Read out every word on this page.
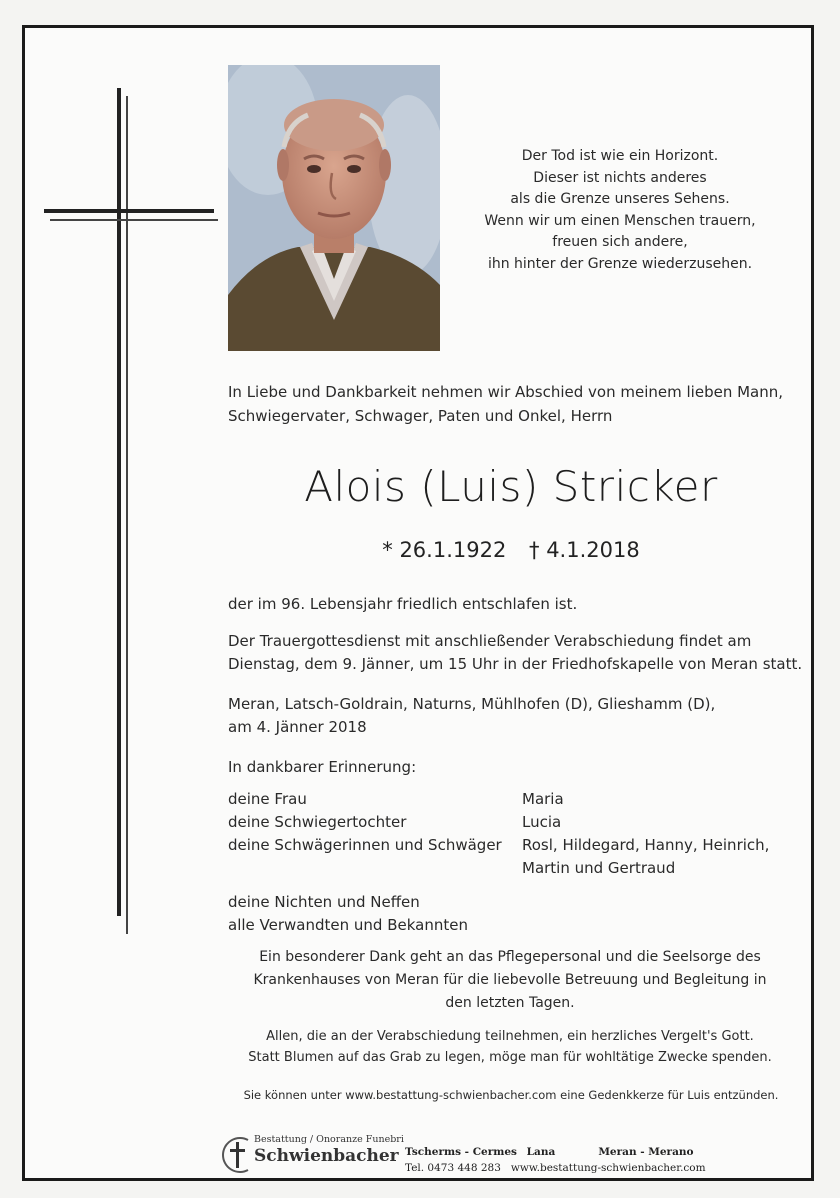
Der Tod ist wie ein Horizont.
Dieser ist nichts anderes
als die Grenze unseres Sehens.
Wenn wir um einen Menschen trauern,
freuen sich andere,
ihn hinter der Grenze wiederzusehen.
In Liebe und Dankbarkeit nehmen wir Abschied von meinem lieben Mann,
Schwiegervater, Schwager, Paten und Onkel, Herrn
Alois (Luis) Stricker
* 26.1.1922 † 4.1.2018
der im 96. Lebensjahr friedlich entschlafen ist.
Der Trauergottesdienst mit anschließender Verabschiedung findet am
Dienstag, dem 9. Jänner, um 15 Uhr in der Friedhofskapelle von Meran statt.
Meran, Latsch-Goldrain, Naturns, Mühlhofen (D), Glieshamm (D),
am 4. Jänner 2018
In dankbarer Erinnerung:
deine Frau	Maria
deine Schwiegertochter	Lucia
deine Schwägerinnen und Schwäger Rosl, Hildegard, Hanny, Heinrich,
Martin und Gertraud
deine Nichten und Neffen
alle Verwandten und Bekannten
Ein besonderer Dank geht an das Pflegepersonal und die Seelsorge des
Krankenhauses von Meran für die liebevolle Betreuung und Begleitung in
den letzten Tagen.
Allen, die an der Verabschiedung teilnehmen, ein herzliches Vergelt's Gott.
Statt Blumen auf das Grab zu legen, möge man für wohltätige Zwecke spenden.
Sie können unter www.bestattung-schwienbacher.com eine Gedenkkerze für Luis entzünden.
Bestattung / Onoranze Funebri
Schwienbacher Tscherms - Cermes Lana	Meran - Merano
Tel. 0473 448 283   www.bestattung-schwienbacher.com
